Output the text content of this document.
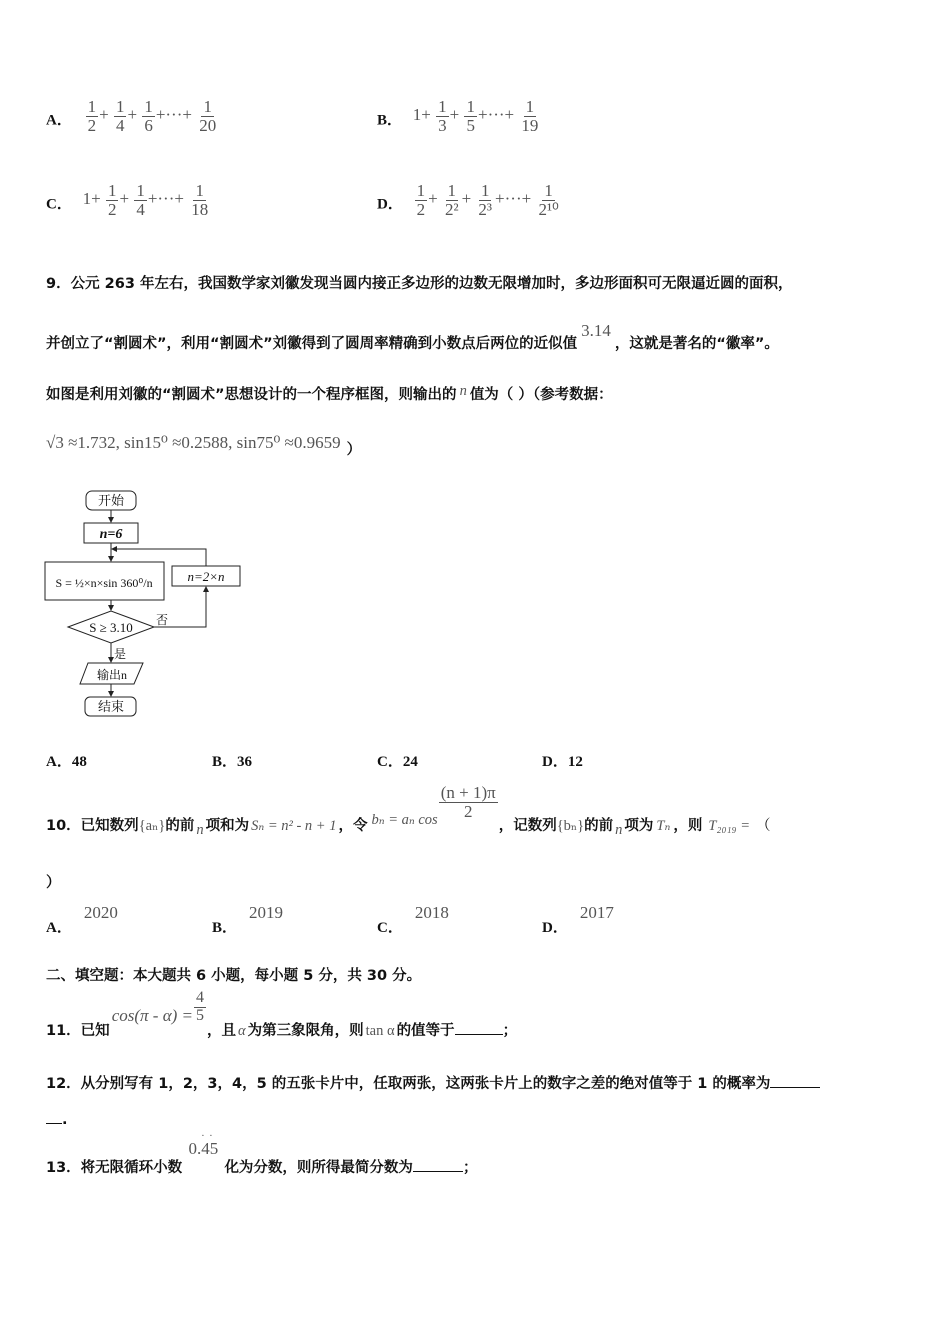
A． $\frac{1}{2} + \frac{1}{4} + \frac{1}{6}$ +···+ $\frac{1}{20}$	B． $1+ \frac{1}{3} + \frac{1}{5}$ +···+ $\frac{1}{19}$
C． $1+ \frac{1}{2} + \frac{1}{4}$ +···+ $\frac{1}{18}$	D． $\frac{1}{2} + \frac{1}{\text{2²}} + \frac{1}{\text{2³}}$ +···+ $\frac{1}{\text{2¹⁰}}$
9．公元 263 年左右，我国数学家刘徽发现当圆内接正多边形的边数无限增加时，多边形面积可无限逼近圆的面积，
并创立了“割圆术”，利用“割圆术”刘徽得到了圆周率精确到小数点后两位的近似值3.14，这就是著名的“徽率”。
如图是利用刘徽的“割圆术”思想设计的一个程序框图，则输出的 n 值为（ ）（参考数据：
√3 ≈1.732, sin15⁰ ≈0.2588, sin75⁰ ≈0.9659 ）
开始
n=6
S = ½×n×sin 360⁰/n
S ≥ 3.10 否
是
输出n
结束
n=2×n
A．48	B．36	C．24	D．12
10．已知数列{aₙ}的前 n 项和为 Sₙ = n² - n + 1 ，令 bₙ = aₙ $\cos \frac{(n + 1)\pi}{2}$
，记数列{bₙ}的前 n 项为 Tₙ ，则 T₂₀₁₉ = （
）
A．2020
B．2019
C．2018
D．2017
二、填空题：本大题共 6 小题，每小题 5 分，共 30 分。
11．已知$\cos(\pi - \alpha) = \frac{4}{5}$
，且 α 为第三象限角，则 tan α 的值等于	；
12．从分别写有 1，2，3，4，5 的五张卡片中，任取两张，这两张卡片上的数字之差的绝对值等于 1 的概率为
.
13．将无限循环小数
· ·
0.45 化为分数，则所得最简分数为	；
